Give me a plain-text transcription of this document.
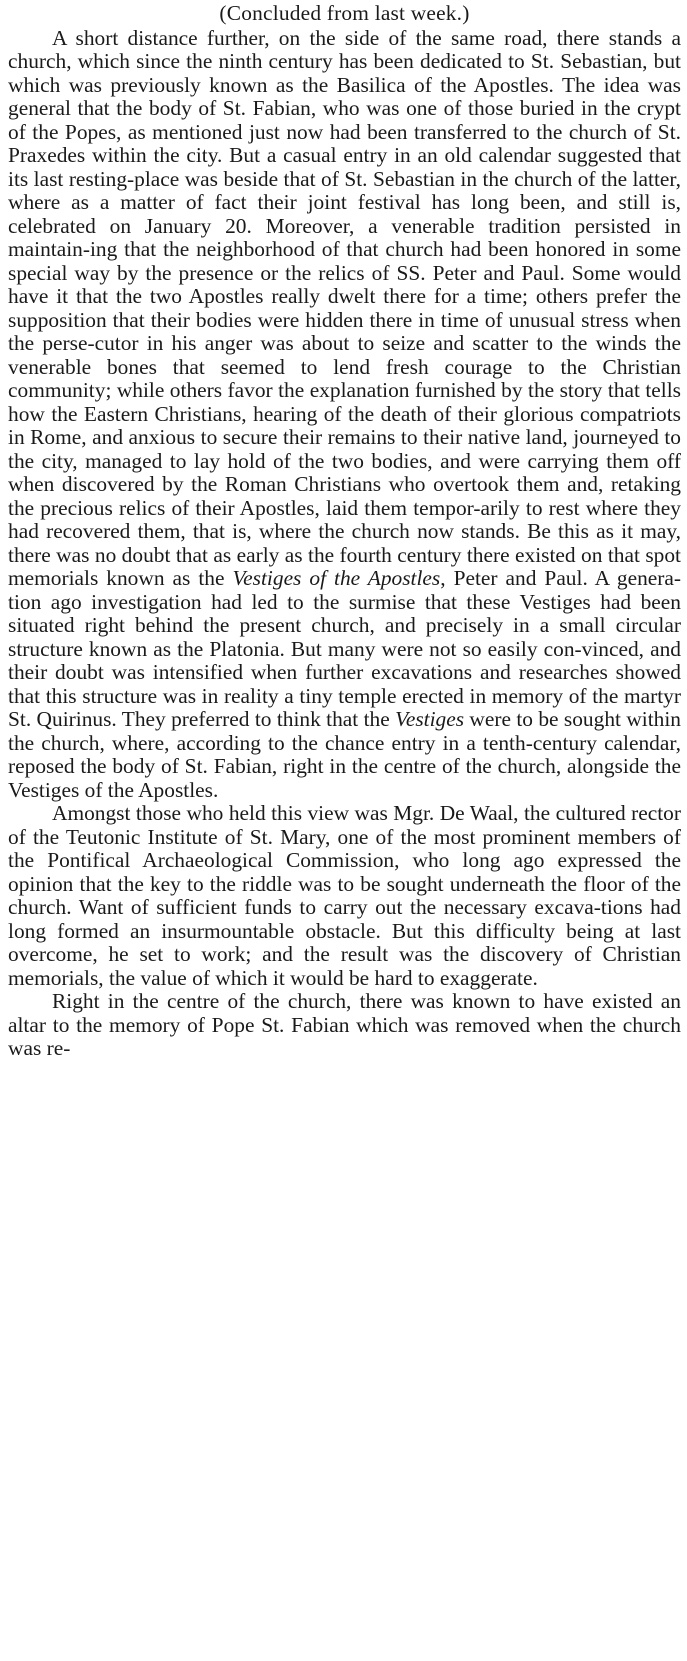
(Concluded from last week.)

A short distance further, on the side of the same road, there stands a church, which since the ninth century has been dedicated to St. Sebastian, but which was previously known as the Basilica of the Apostles. The idea was general that the body of St. Fabian, who was one of those buried in the crypt of the Popes, as mentioned just now had been transferred to the church of St. Praxedes within the city. But a casual entry in an old calendar suggested that its last resting-place was beside that of St. Sebastian in the church of the latter, where as a matter of fact their joint festival has long been, and still is, celebrated on January 20. Moreover, a venerable tradition persisted in maintain-ing that the neighborhood of that church had been honored in some special way by the presence or the relics of SS. Peter and Paul. Some would have it that the two Apostles really dwelt there for a time; others prefer the supposition that their bodies were hidden there in time of unusual stress when the perse-cutor in his anger was about to seize and scatter to the winds the venerable bones that seemed to lend fresh courage to the Christian community; while others favor the explanation furnished by the story that tells how the Eastern Christians, hearing of the death of their glorious compatriots in Rome, and anxious to secure their remains to their native land, journeyed to the city, managed to lay hold of the two bodies, and were carrying them off when discovered by the Roman Christians who overtook them and, retaking the precious relics of their Apostles, laid them tempor-arily to rest where they had recovered them, that is, where the church now stands. Be this as it may, there was no doubt that as early as the fourth century there existed on that spot memorials known as the Vestiges of the Apostles, Peter and Paul. A genera-tion ago investigation had led to the surmise that these Vestiges had been situated right behind the present church, and precisely in a small circular structure known as the Platonia. But many were not so easily con-vinced, and their doubt was intensified when further excavations and researches showed that this structure was in reality a tiny temple erected in memory of the martyr St. Quirinus. They preferred to think that the Vestiges were to be sought within the church, where, according to the chance entry in a tenth-century calendar, reposed the body of St. Fabian, right in the centre of the church, alongside the Vestiges of the Apostles.

Amongst those who held this view was Mgr. De Waal, the cultured rector of the Teutonic Institute of St. Mary, one of the most prominent members of the Pontifical Archaeological Commission, who long ago expressed the opinion that the key to the riddle was to be sought underneath the floor of the church. Want of sufficient funds to carry out the necessary excava-tions had long formed an insurmountable obstacle. But this difficulty being at last overcome, he set to work; and the result was the discovery of Christian memorials, the value of which it would be hard to exaggerate.

Right in the centre of the church, there was known to have existed an altar to the memory of Pope St. Fabian which was removed when the church was re-
